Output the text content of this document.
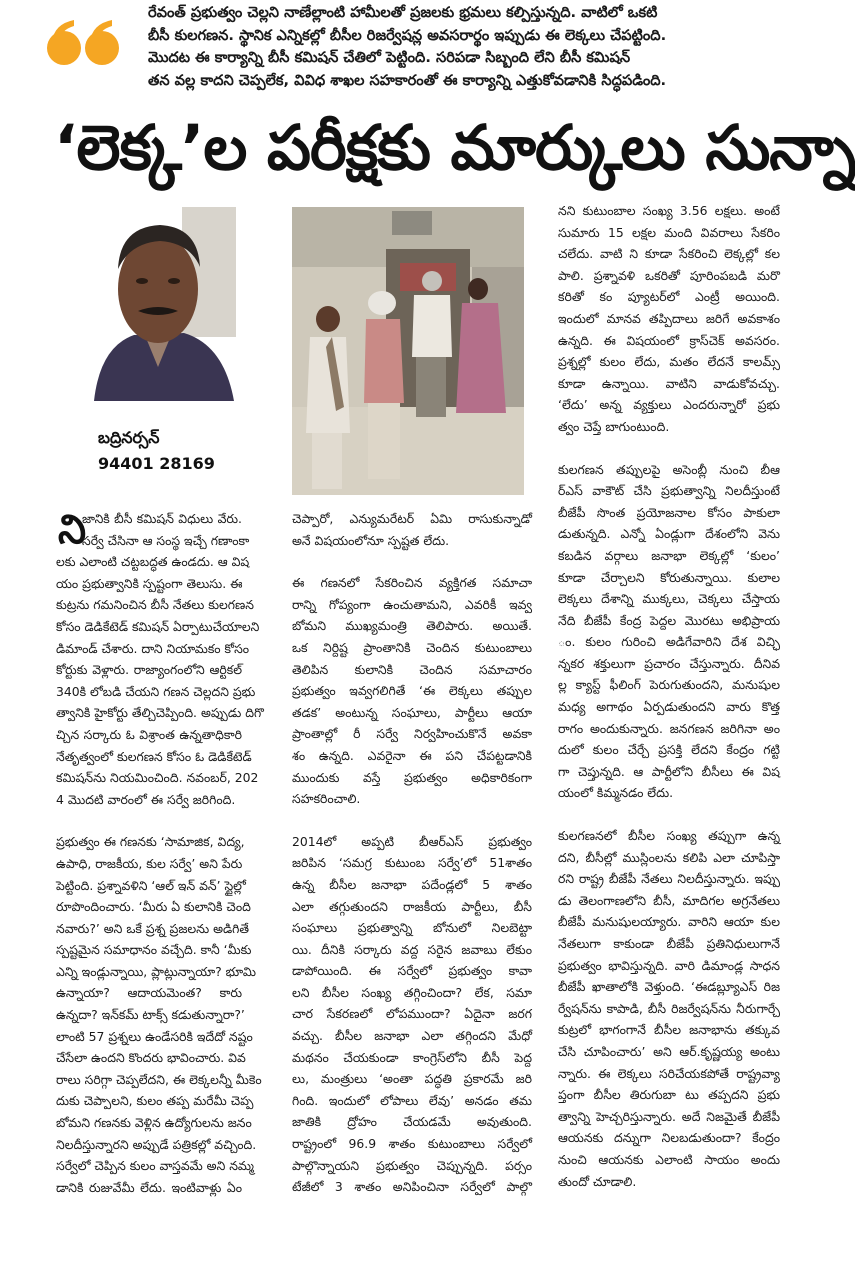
రేవంత్ ప్రభుత్వం చెల్లని నాణేల్లాంటి హామీలతో ప్రజలకు భ్రమలు కల్పిస్తున్నది. వాటిలో ఒకటి

బీసీ కులగణన. స్థానిక ఎన్నికల్లో బీసీల రిజర్వేషన్ల అవసరార్థం ఇప్పుడు ఈ లెక్కలు చేపట్టింది.

మొదట ఈ కార్యాన్ని బీసీ కమిషన్ చేతిలో పెట్టింది. సరిపడా సిబ్బంది లేని బీసీ కమిషన్

తన వల్ల కాదని చెప్పలేక, వివిధ శాఖల సహకారంతో ఈ కార్యాన్ని ఎత్తుకోవడానికి సిద్ధపడింది.

‘లెక్క’ల పరీక్షకు మార్కులు సున్నా
బద్రినర్సన్
94401 28169
ని

జానికి బీసీ కమిషన్ విధులు వేరు.

సర్వే చేసినా ఆ సంస్థ ఇచ్చే గణాంకా

లకు ఎలాంటి చట్టబద్ధత ఉండదు. ఆ విష

యం ప్రభుత్వానికి స్పష్టంగా తెలుసు. ఈ

కుట్రను గమనించిన బీసీ నేతలు కులగణన

కోసం డెడికేటెడ్ కమిషన్ ఏర్పాటుచేయాలని

డిమాండ్ చేశారు. దాని నియామకం కోసం

కోర్టుకు వెళ్లారు. రాజ్యాంగంలోని ఆర్టికల్

340కి లోబడి చేయని గణన చెల్లదని ప్రభు

త్వానికి హైకోర్టు తేల్చిచెప్పింది. అప్పుడు దిగొ

చ్చిన సర్కారు ఓ విశ్రాంత ఉన్నతాధికారి

నేతృత్వంలో కులగణన కోసం ఓ డెడికేటెడ్

కమిషన్‌ను నియమించింది. నవంబర్, 202

4 మొదటి వారంలో ఈ సర్వే జరిగింది.

ప్రభుత్వం ఈ గణనకు ‘సామాజిక, విద్య,

ఉపాధి, రాజకీయ, కుల సర్వే’ అని పేరు

పెట్టింది. ప్రశ్నావళిని ‘ఆల్ ఇన్ వన్’ స్టైల్లో

రూపొందించారు. ‘మీరు ఏ కులానికి చెంది

నవారు?’ అని ఒకే ప్రశ్న ప్రజలను అడిగితే

స్పష్టమైన సమాధానం వచ్చేది. కానీ ‘మీకు

ఎన్ని ఇండ్లున్నాయి, ప్లాట్లున్నాయా? భూమి

ఉన్నాయా? ఆదాయమెంత? కారు

ఉన్నదా? ఇన్‌కమ్ టాక్స్ కడుతున్నారా?’

లాంటి 57 ప్రశ్నలు ఉండేసరికి ఇదేదో నష్టం

చేసేలా ఉందని కొందరు భావించారు. వివ

రాలు సరిగ్గా చెప్పలేదని, ఈ లెక్కలన్నీ మీకెం

దుకు చెప్పాలని, కులం తప్ప మరేమీ చెప్ప

బోమని గణనకు వెళ్లిన ఉద్యోగులను జనం

నిలదీస్తున్నారని అప్పుడే పత్రికల్లో వచ్చింది.

సర్వేలో చెప్పిన కులం వాస్తవమే అని నమ్మ

డానికి రుజువేమీ లేదు. ఇంటివాళ్లు ఏం

చెప్పారో, ఎన్యుమరేటర్ ఏమి రాసుకున్నాడో

అనే విషయంలోనూ స్పష్టత లేదు.

ఈ గణనలో సేకరించిన వ్యక్తిగత సమాచా

రాన్ని గోప్యంగా ఉంచుతామని, ఎవరికీ ఇవ్వ

బోమని ముఖ్యమంత్రి తెలిపారు. అయితే.

ఒక నిర్దిష్ట ప్రాంతానికి చెందిన కుటుంబాలు

తెలిపిన కులానికి చెందిన సమాచారం

ప్రభుత్వం ఇవ్వగలిగితే ‘ఈ లెక్కలు తప్పుల

తడక’ అంటున్న సంఘాలు, పార్టీలు ఆయా

ప్రాంతాల్లో రీ సర్వే నిర్వహించుకొనే అవకా

శం ఉన్నది. ఎవరైనా ఈ పని చేపట్టడానికి

ముందుకు వస్తే ప్రభుత్వం అధికారికంగా

సహకరించాలి.

2014లో అప్పటి బీఆర్ఎస్ ప్రభుత్వం

జరిపిన ‘సమగ్ర కుటుంబ సర్వే’లో 51శాతం

ఉన్న బీసీల జనాభా పదేండ్లలో 5 శాతం

ఎలా తగ్గుతుందని రాజకీయ పార్టీలు, బీసీ

సంఘాలు ప్రభుత్వాన్ని బోనులో నిలబెట్టా

యి. దీనికి సర్కారు వద్ద సరైన జవాబు లేకుం

డాపోయింది. ఈ సర్వేలో ప్రభుత్వం కావా

లని బీసీల సంఖ్య తగ్గించిందా? లేక, సమా

చార సేకరణలో లోపముందా? ఏదైనా జరగ

వచ్చు. బీసీల జనాభా ఎలా తగ్గిందని మేధో

మథనం చేయకుండా కాంగ్రెస్‌లోని బీసీ పెద్ద

లు, మంత్రులు ‘అంతా పద్ధతి ప్రకారమే జరి

గింది. ఇందులో లోపాలు లేవు’ అనడం తమ

జాతికి ద్రోహం చేయడమే అవుతుంది.

రాష్ట్రంలో 96.9 శాతం కుటుంబాలు సర్వేలో

పాల్గొన్నాయని ప్రభుత్వం చెప్పున్నది. పర్సం

టేజీలో 3 శాతం అనిపించినా సర్వేలో పాల్గొ

నని కుటుంబాల సంఖ్య 3.56 లక్షలు. అంటే

సుమారు 15 లక్షల మంది వివరాలు సేకరిం

చలేదు. వాటి ని కూడా సేకరించి లెక్కల్లో కల

పాలి. ప్రశ్నావళి ఒకరితో పూరింపబడి మరొ

కరితో కం ప్యూటర్‌లో ఎంట్రీ అయింది.

ఇందులో మానవ తప్పిదాలు జరిగే అవకాశం

ఉన్నది. ఈ విషయంలో క్రాస్‌చెక్ అవసరం.

ప్రశ్నల్లో కులం లేదు, మతం లేదనే కాలమ్స్

కూడా ఉన్నాయి. వాటిని వాడుకోవచ్చు.

‘లేదు’ అన్న వ్యక్తులు ఎందరున్నారో ప్రభు

త్వం చెప్తే బాగుంటుంది.

కులగణన తప్పులపై అసెంబ్లీ నుంచి బీఆ

ర్ఎస్ వాకౌట్ చేసి ప్రభుత్వాన్ని నిలదీస్తుంటే

బీజేపీ సొంత ప్రయోజనాల కోసం పాకులా

డుతున్నది. ఎన్నో ఏండ్లుగా దేశంలోని వెను

కబడిన వర్గాలు జనాభా లెక్కల్లో ‘కులం’

కూడా చేర్చాలని కోరుతున్నాయి. కులాల

లెక్కలు దేశాన్ని ముక్కలు, చెక్కలు చేస్తాయ

నేది బీజేపీ కేంద్ర పెద్దల మొరటు అభిప్రాయ

ం. కులం గురించి అడిగేవారిని దేశ విచ్ఛి

న్నకర శక్తులుగా ప్రచారం చేస్తున్నారు. దీనివ

ల్ల క్యాస్ట్ ఫీలింగ్ పెరుగుతుందని, మనుషుల

మధ్య అగాథం ఏర్పడుతుందని వారు కొత్త

రాగం అందుకున్నారు. జనగణన జరిగినా అం

దులో కులం చేర్చే ప్రసక్తి లేదని కేంద్రం గట్టి

గా చెప్తున్నది. ఆ పార్టీలోని బీసీలు ఈ విష

యంలో కిమ్మనడం లేదు.

కులగణనలో బీసీల సంఖ్య తప్పుగా ఉన్న

దని, బీసీల్లో ముస్లింలను కలిపి ఎలా చూపిస్తా

రని రాష్ట్ర బీజేపీ నేతలు నిలదీస్తున్నారు. ఇప్పు

డు తెలంగాణలోని బీసీ, మాదిగల అగ్రనేతలు

బీజేపీ మనుషులయ్యారు. వారిని ఆయా కుల

నేతలుగా కాకుండా బీజేపీ ప్రతినిధులుగానే

ప్రభుత్వం భావిస్తున్నది. వారి డిమాండ్ల సాధన

బీజేపీ ఖాతాలోకి వెళ్తుంది. ‘ఈడబ్ల్యూఎస్ రిజ

ర్వేషన్‌ను కాపాడి, బీసీ రిజర్వేషన్‌ను నీరుగార్చే

కుట్రలో భాగంగానే బీసీల జనాభాను తక్కువ

చేసి చూపించారు’ అని ఆర్.కృష్ణయ్య అంటు

న్నారు. ఈ లెక్కలు సరిచేయకపోతే రాష్ట్రవ్యా

ప్తంగా బీసీల తిరుగుబా టు తప్పదని ప్రభు

త్వాన్ని హెచ్చరిస్తున్నారు. అదే నిజమైతే బీజేపీ

ఆయనకు దన్నుగా నిలబడుతుందా? కేంద్రం

నుంచి ఆయనకు ఎలాంటి సాయం అందు

తుందో చూడాలి.
